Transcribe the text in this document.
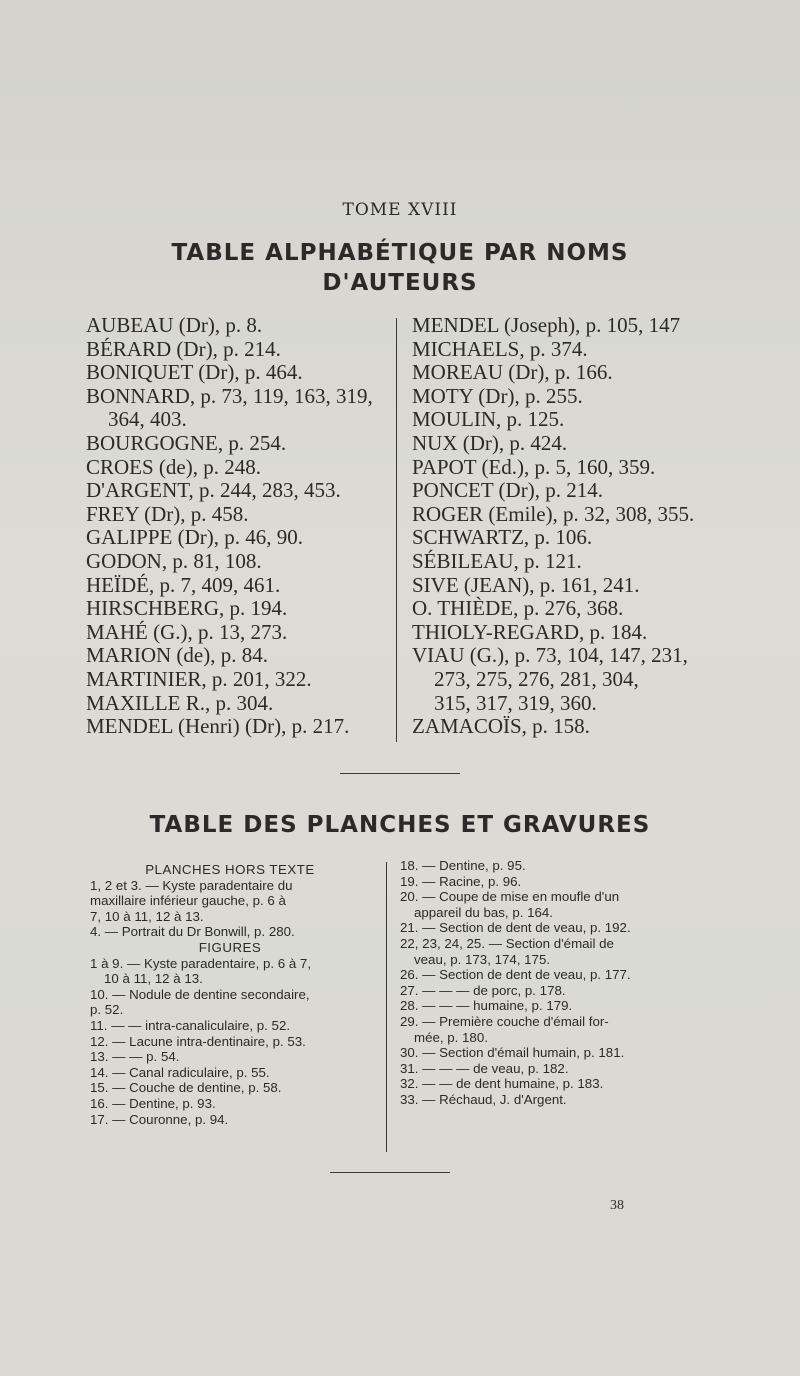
TOME XVIII
TABLE ALPHABÉTIQUE PAR NOMS
D'AUTEURS
AUBEAU (Dr), p. 8.
BÉRARD (Dr), p. 214.
BONIQUET (Dr), p. 464.
BONNARD, p. 73, 119, 163, 319,
364, 403.
BOURGOGNE, p. 254.
CROES (de), p. 248.
D'ARGENT, p. 244, 283, 453.
FREY (Dr), p. 458.
GALIPPE (Dr), p. 46, 90.
GODON, p. 81, 108.
HEÏDÉ, p. 7, 409, 461.
HIRSCHBERG, p. 194.
MAHÉ (G.), p. 13, 273.
MARION (de), p. 84.
MARTINIER, p. 201, 322.
MAXILLE R., p. 304.
MENDEL (Henri) (Dr), p. 217.
MENDEL (Joseph), p. 105, 147
MICHAELS, p. 374.
MOREAU (Dr), p. 166.
MOTY (Dr), p. 255.
MOULIN, p. 125.
NUX (Dr), p. 424.
PAPOT (Ed.), p. 5, 160, 359.
PONCET (Dr), p. 214.
ROGER (Emile), p. 32, 308, 355.
SCHWARTZ, p. 106.
SÉBILEAU, p. 121.
SIVE (JEAN), p. 161, 241.
O. THIÈDE, p. 276, 368.
THIOLY-REGARD, p. 184.
VIAU (G.), p. 73, 104, 147, 231,
273, 275, 276, 281, 304,
315, 317, 319, 360.
ZAMACOÏS, p. 158.
TABLE DES PLANCHES ET GRAVURES
PLANCHES HORS TEXTE
1, 2 et 3. — Kyste paradentaire du
maxillaire inférieur gauche, p. 6 à
7, 10 à 11, 12 à 13.
4. — Portrait du Dr Bonwill, p. 280.
FIGURES
1 à 9. — Kyste paradentaire, p. 6 à 7,
10 à 11, 12 à 13.
10. — Nodule de dentine secondaire,
p. 52.
11. — — intra-canaliculaire, p. 52.
12. — Lacune intra-dentinaire, p. 53.
13. — — p. 54.
14. — Canal radiculaire, p. 55.
15. — Couche de dentine, p. 58.
16. — Dentine, p. 93.
17. — Couronne, p. 94.
18. — Dentine, p. 95.
19. — Racine, p. 96.
20. — Coupe de mise en moufle d'un
appareil du bas, p. 164.
21. — Section de dent de veau, p. 192.
22, 23, 24, 25. — Section d'émail de
veau, p. 173, 174, 175.
26. — Section de dent de veau, p. 177.
27. — — — de porc, p. 178.
28. — — — humaine, p. 179.
29. — Première couche d'émail for-
mée, p. 180.
30. — Section d'émail humain, p. 181.
31. — — — de veau, p. 182.
32. — — de dent humaine, p. 183.
33. — Réchaud, J. d'Argent.
38
